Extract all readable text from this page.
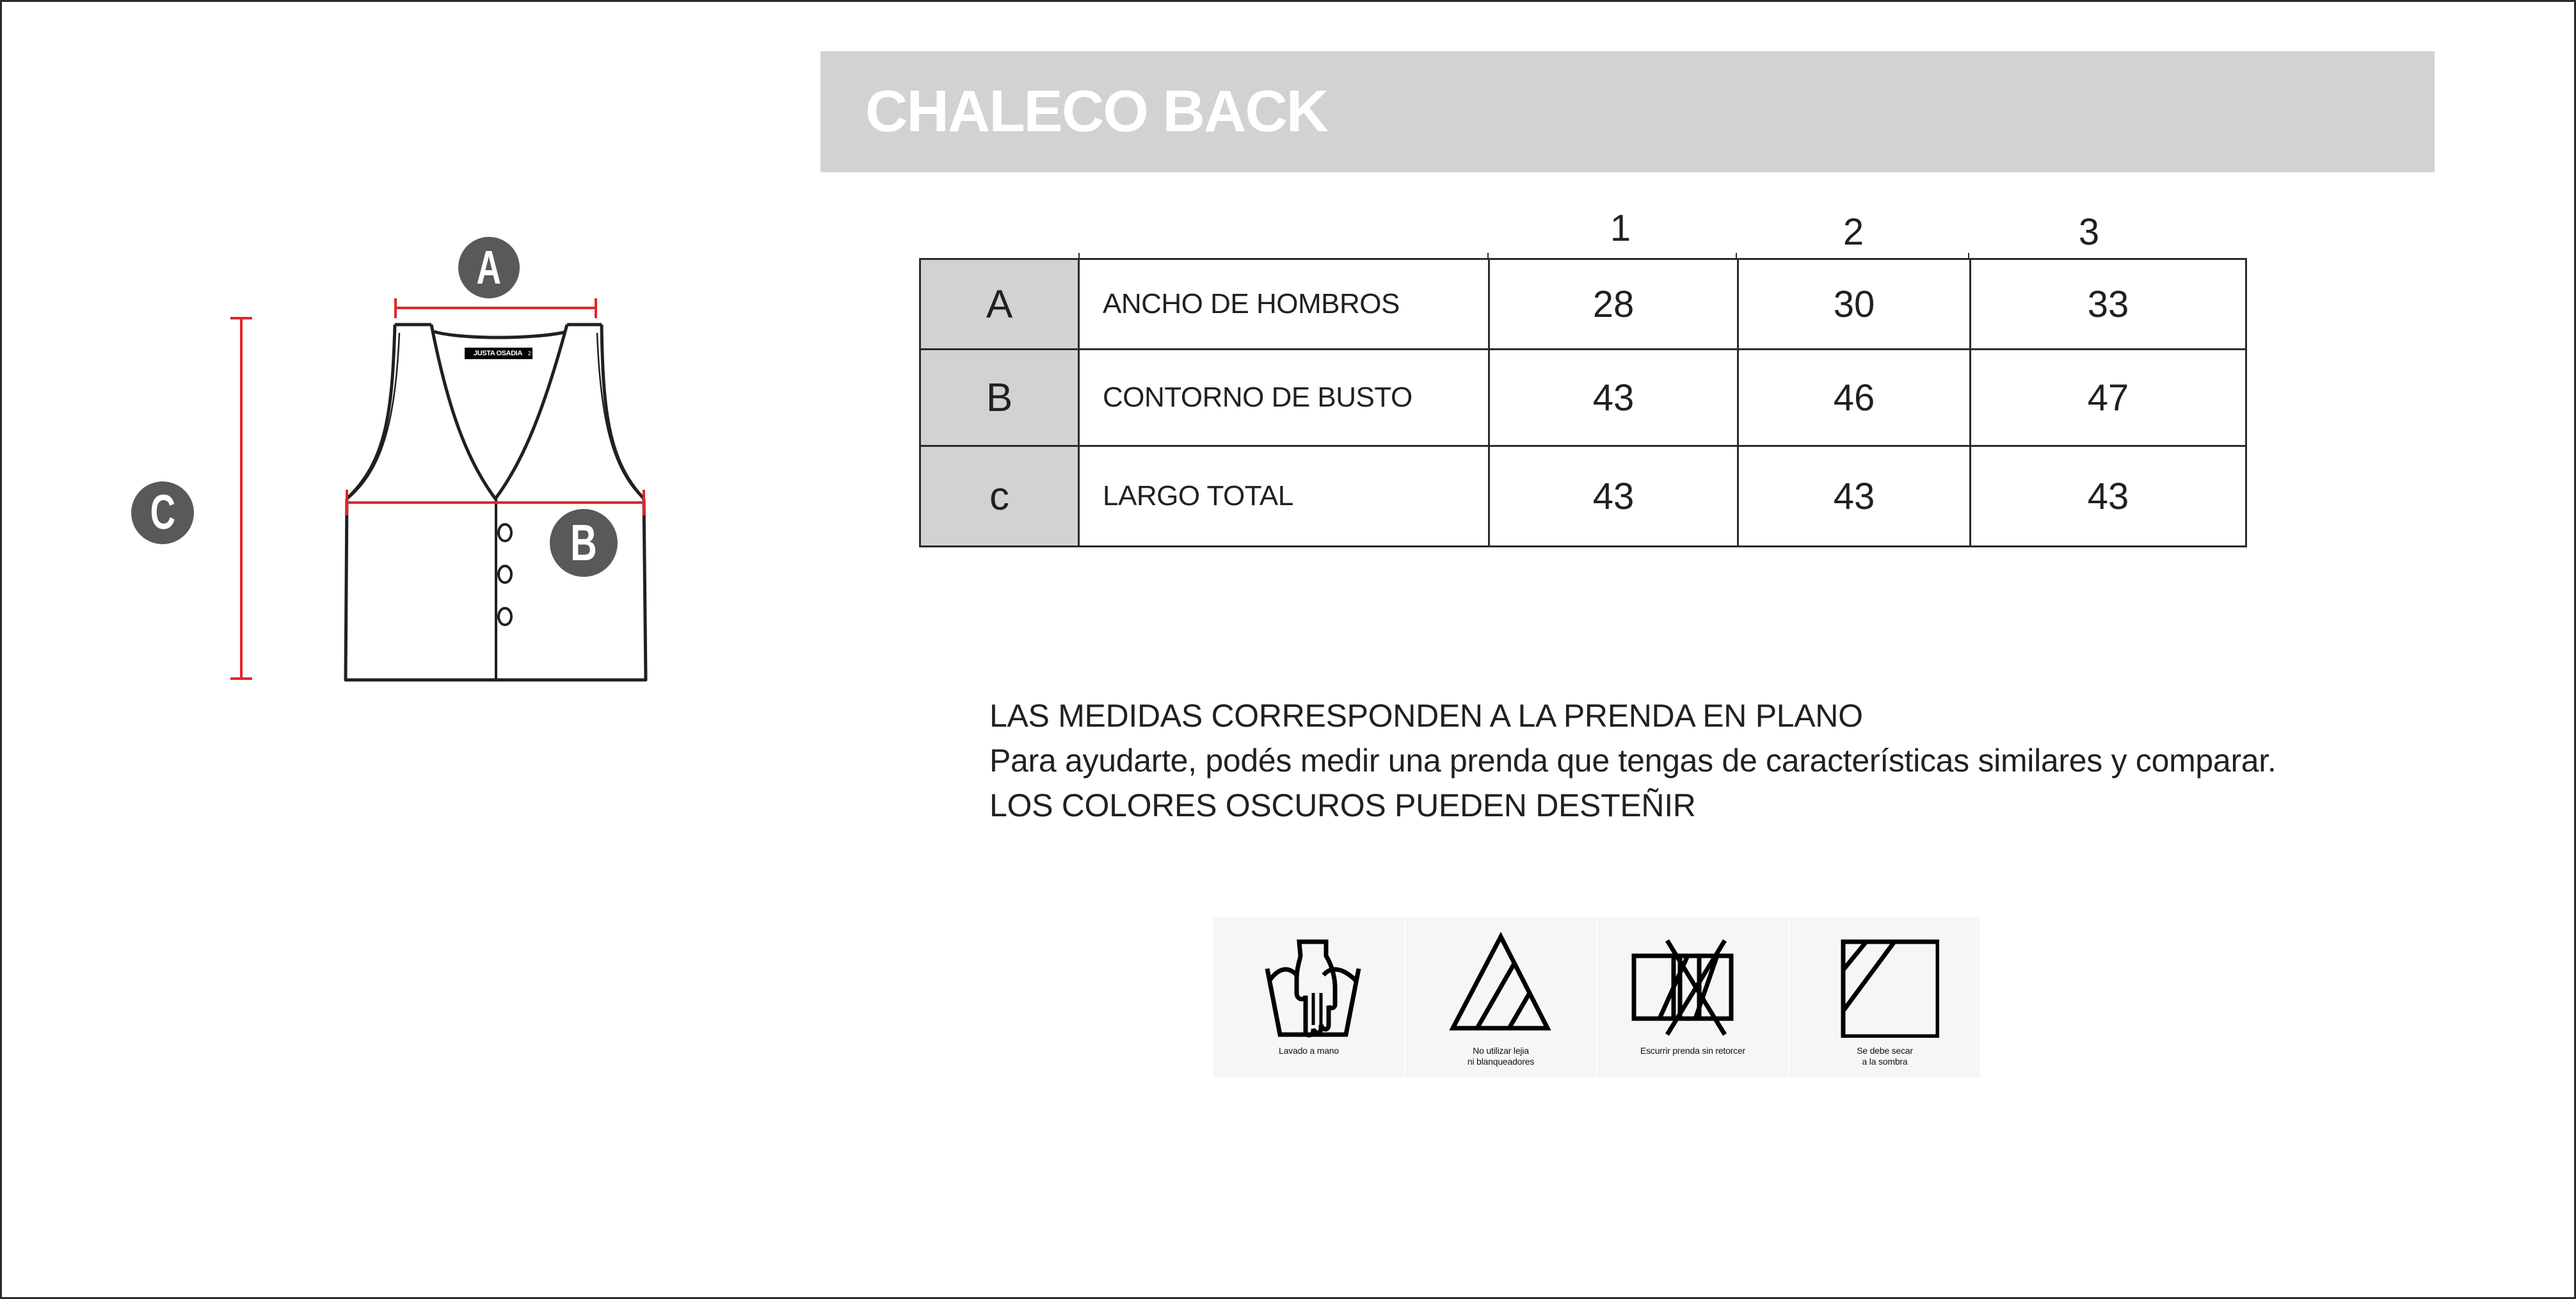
CHALECO BACK
JUSTA OSADIA 2
A
B
C
1	2	3
A	ANCHO DE HOMBROS	28	30	33
B	CONTORNO DE BUSTO	43	46	47
c	LARGO TOTAL	43	43	43
LAS MEDIDAS CORRESPONDEN A LA PRENDA EN PLANO
Para ayudarte, podés medir una prenda que tengas de características similares y comparar.
LOS COLORES OSCUROS PUEDEN DESTEÑIR
Lavado a mano	No utilizar lejia
ni blanqueadores
Escurrir prenda sin retorcer	Se debe secar
a la sombra
